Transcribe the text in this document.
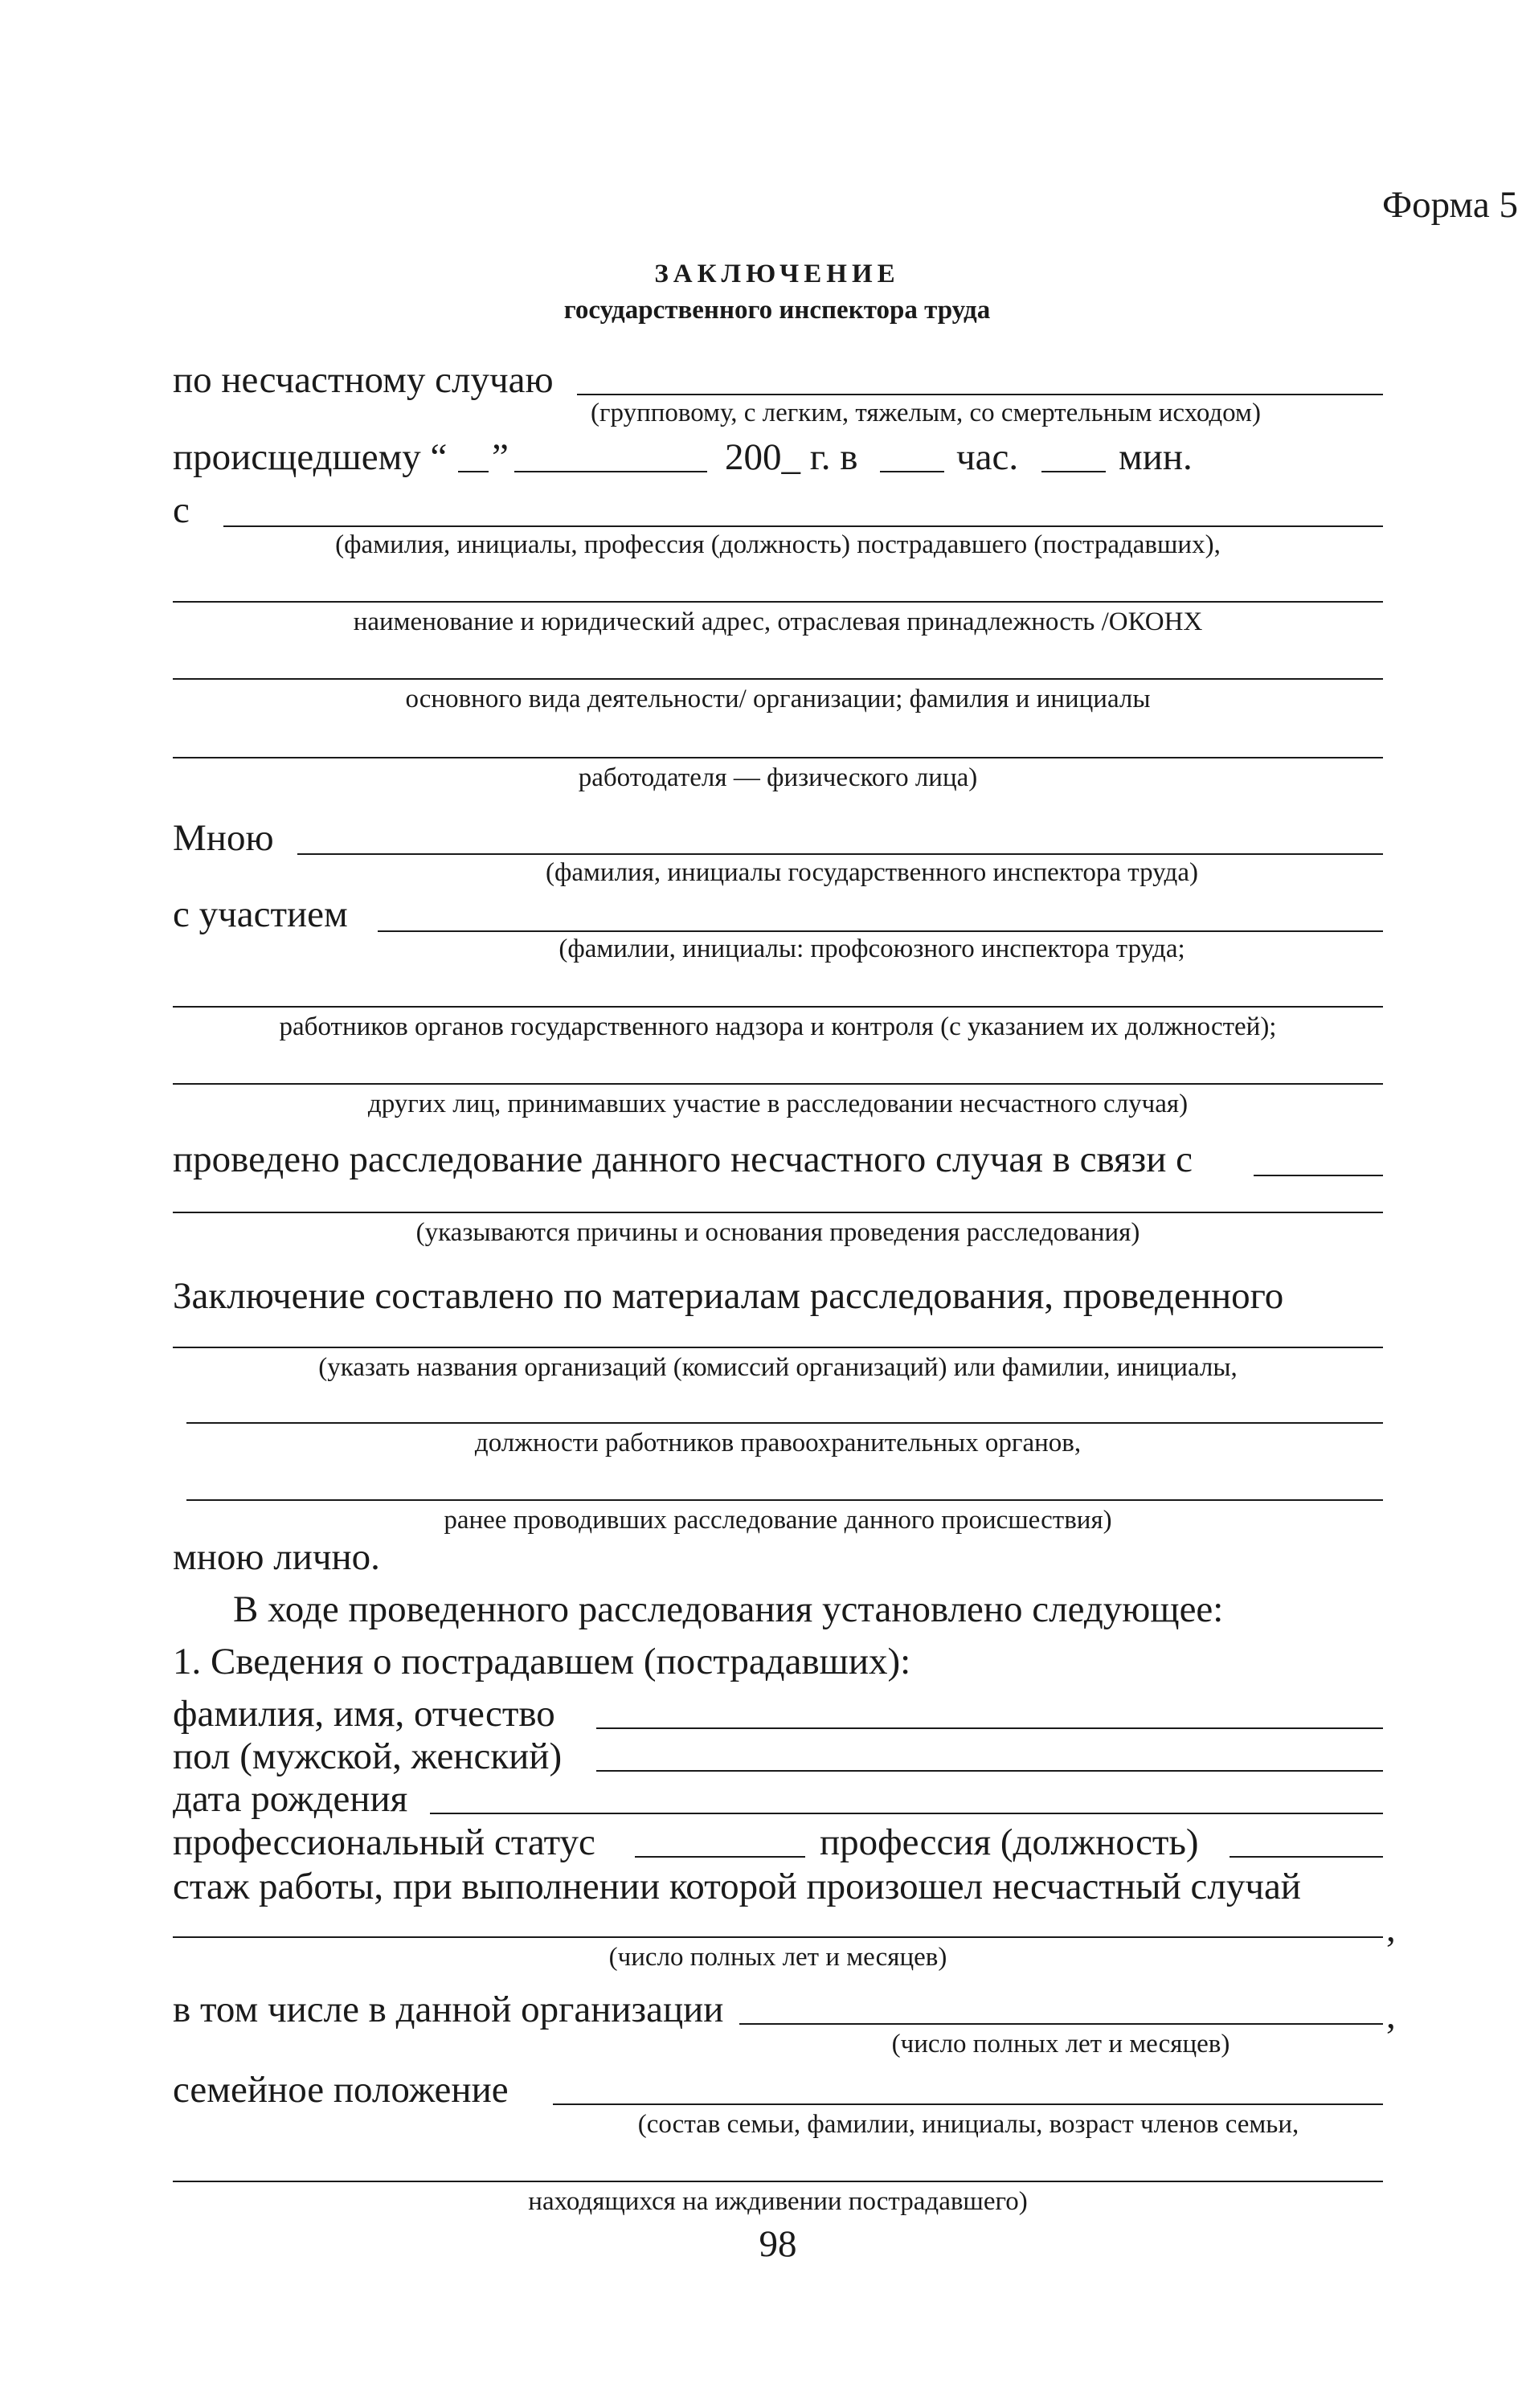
Форма 5
ЗАКЛЮЧЕНИЕ
государственного инспектора труда
по несчастному случаю
(групповому, с легким, тяжелым, со смертельным исходом)
происщедшему “ ”	200_ г. в	час.	мин.
с
(фамилия, инициалы, профессия (должность) пострадавшего (пострадавших),
наименование и юридический адрес, отраслевая принадлежность /ОКОНХ
основного вида деятельности/ организации; фамилия и инициалы
работодателя — физического лица)
Мною
(фамилия, инициалы государственного инспектора труда)
с участием
(фамилии, инициалы: профсоюзного инспектора труда;
работников органов государственного надзора и контроля (с указанием их должностей);
других лиц, принимавших участие в расследовании несчастного случая)
проведено расследование данного несчастного случая в связи с
(указываются причины и основания проведения расследования)
Заключение составлено по материалам расследования, проведенного
(указать названия организаций (комиссий организаций) или фамилии, инициалы,
должности работников правоохранительных органов,
ранее проводивших расследование данного происшествия)
мною лично.
В ходе проведенного расследования установлено следующее:
1. Сведения о пострадавшем (пострадавших):
фамилия, имя, отчество
пол (мужской, женский)
дата рождения
профессиональный статус	профессия (должность)
стаж работы, при выполнении которой произошел несчастный случай
,
(число полных лет и месяцев)
в том числе в данной организации	,
(число полных лет и месяцев)
семейное положение
(состав семьи, фамилии, инициалы, возраст членов семьи,
находящихся на иждивении пострадавшего)
98
